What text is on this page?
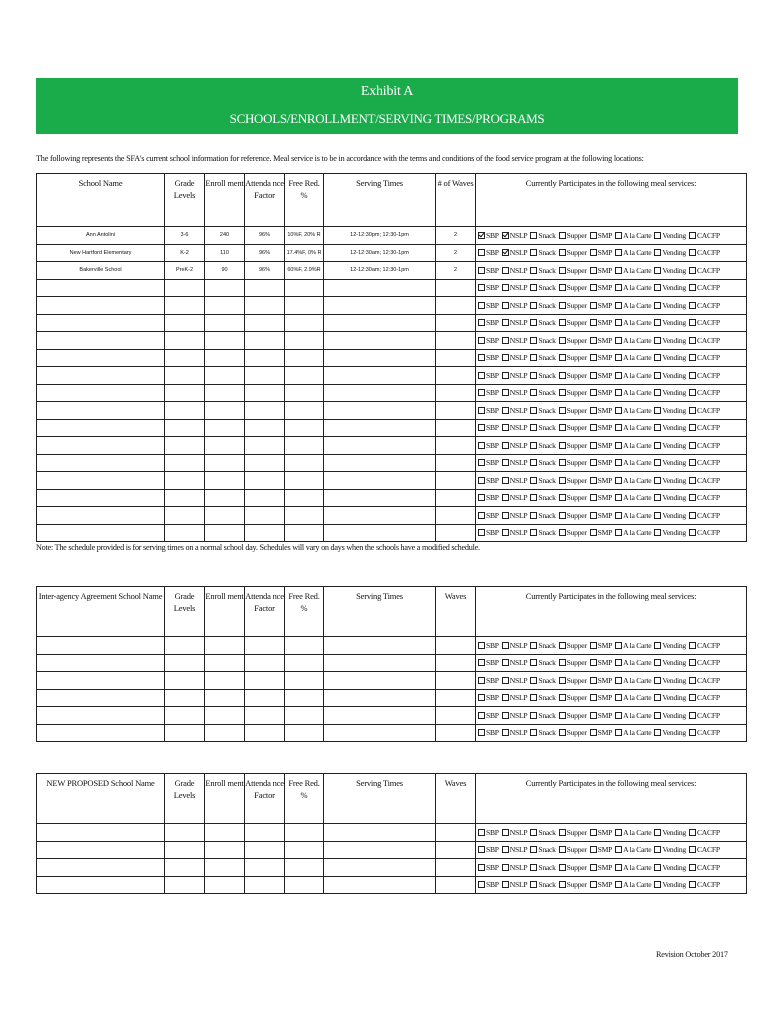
Exhibit A
SCHOOLS/ENROLLMENT/SERVING TIMES/PROGRAMS
The following represents the SFA's current school information for reference. Meal service is to be in accordance with the terms and conditions of the food service program at the following locations:
School Name	Grade Levels	Enroll ment	Attenda nce Factor	Free Red. %	Serving Times	# of Waves	Currently Participates in the following meal services:
Ann Antolini	3-6	240	96%	10%F, 20% R	12-12:30pm; 12:30-1pm	2	SBP NSLP Snack Supper SMP A la Carte Vending CACFP
New Hartford Elementary	K-2	110	96%	17.4%F, 0% R	12-12:30am; 12:30-1pm	2	SBP NSLP Snack Supper SMP A la Carte Vending CACFP
Bakerville School	PreK-2	90	96%	60%F, 2.9%R	12-12:30am; 12:30-1pm	2	SBP NSLP Snack Supper SMP A la Carte Vending CACFP
							SBP NSLP Snack Supper SMP A la Carte Vending CACFP
							SBP NSLP Snack Supper SMP A la Carte Vending CACFP
							SBP NSLP Snack Supper SMP A la Carte Vending CACFP
							SBP NSLP Snack Supper SMP A la Carte Vending CACFP
							SBP NSLP Snack Supper SMP A la Carte Vending CACFP
							SBP NSLP Snack Supper SMP A la Carte Vending CACFP
							SBP NSLP Snack Supper SMP A la Carte Vending CACFP
							SBP NSLP Snack Supper SMP A la Carte Vending CACFP
							SBP NSLP Snack Supper SMP A la Carte Vending CACFP
							SBP NSLP Snack Supper SMP A la Carte Vending CACFP
							SBP NSLP Snack Supper SMP A la Carte Vending CACFP
							SBP NSLP Snack Supper SMP A la Carte Vending CACFP
							SBP NSLP Snack Supper SMP A la Carte Vending CACFP
							SBP NSLP Snack Supper SMP A la Carte Vending CACFP
							SBP NSLP Snack Supper SMP A la Carte Vending CACFP
Note: The schedule provided is for serving times on a normal school day. Schedules will vary on days when the schools have a modified schedule.
Inter-agency Agreement School Name	Grade Levels	Enroll ment	Attenda nce Factor	Free Red. %	Serving Times	Waves	Currently Participates in the following meal services:
							SBP NSLP Snack Supper SMP A la Carte Vending CACFP
							SBP NSLP Snack Supper SMP A la Carte Vending CACFP
							SBP NSLP Snack Supper SMP A la Carte Vending CACFP
							SBP NSLP Snack Supper SMP A la Carte Vending CACFP
							SBP NSLP Snack Supper SMP A la Carte Vending CACFP
							SBP NSLP Snack Supper SMP A la Carte Vending CACFP
NEW PROPOSED School Name	Grade Levels	Enroll ment	Attenda nce Factor	Free Red. %	Serving Times	Waves	Currently Participates in the following meal services:
							SBP NSLP Snack Supper SMP A la Carte Vending CACFP
							SBP NSLP Snack Supper SMP A la Carte Vending CACFP
							SBP NSLP Snack Supper SMP A la Carte Vending CACFP
							SBP NSLP Snack Supper SMP A la Carte Vending CACFP
Revision October 2017
